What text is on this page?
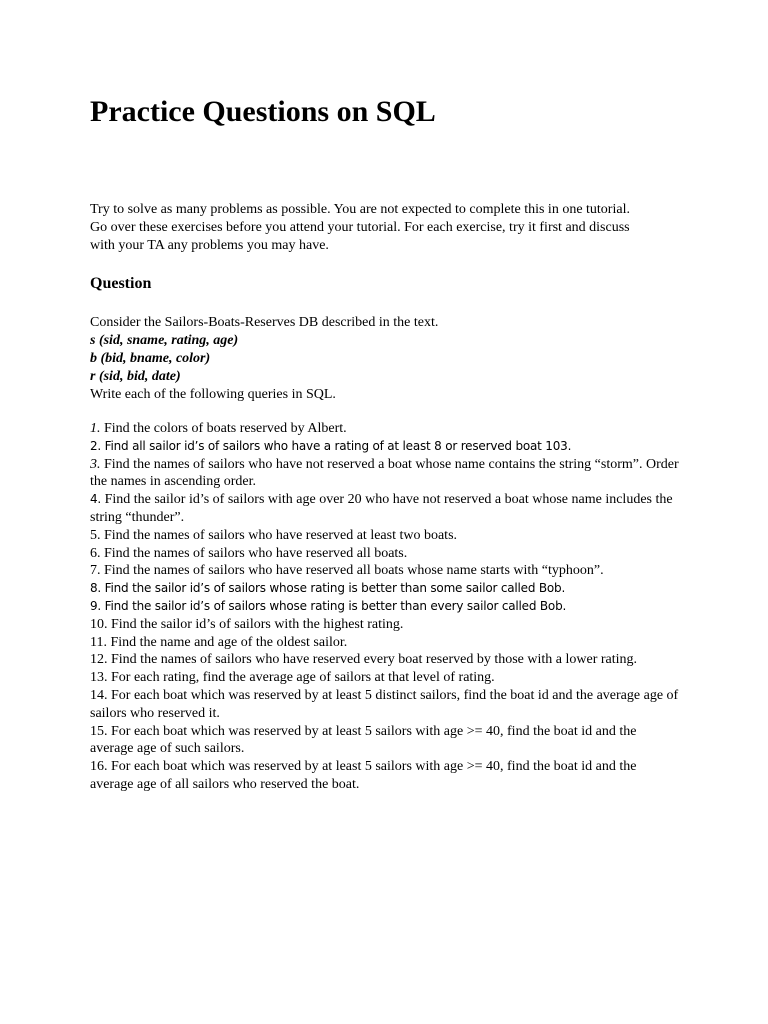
Practice Questions on SQL

Try to solve as many problems as possible. You are not expected to complete this in one tutorial.
Go over these exercises before you attend your tutorial. For each exercise, try it first and discuss
with your TA any problems you may have.

Question
Consider the Sailors-Boats-Reserves DB described in the text.
s (sid, sname, rating, age)
b (bid, bname, color)
r (sid, bid, date)
Write each of the following queries in SQL.
1. Find the colors of boats reserved by Albert.
2. Find all sailor id’s of sailors who have a rating of at least 8 or reserved boat 103.
3. Find the names of sailors who have not reserved a boat whose name contains the string “storm”. Order the names in ascending order.
4. Find the sailor id’s of sailors with age over 20 who have not reserved a boat whose name includes the string “thunder”.
5. Find the names of sailors who have reserved at least two boats.
6. Find the names of sailors who have reserved all boats.
7. Find the names of sailors who have reserved all boats whose name starts with “typhoon”.
8. Find the sailor id’s of sailors whose rating is better than some sailor called Bob.
9. Find the sailor id’s of sailors whose rating is better than every sailor called Bob.
10. Find the sailor id’s of sailors with the highest rating.
11. Find the name and age of the oldest sailor.
12. Find the names of sailors who have reserved every boat reserved by those with a lower rating.
13. For each rating, find the average age of sailors at that level of rating.
14. For each boat which was reserved by at least 5 distinct sailors, find the boat id and the average age of sailors who reserved it.
15. For each boat which was reserved by at least 5 sailors with age >= 40, find the boat id and the average age of such sailors.
16. For each boat which was reserved by at least 5 sailors with age >= 40, find the boat id and the average age of all sailors who reserved the boat.
